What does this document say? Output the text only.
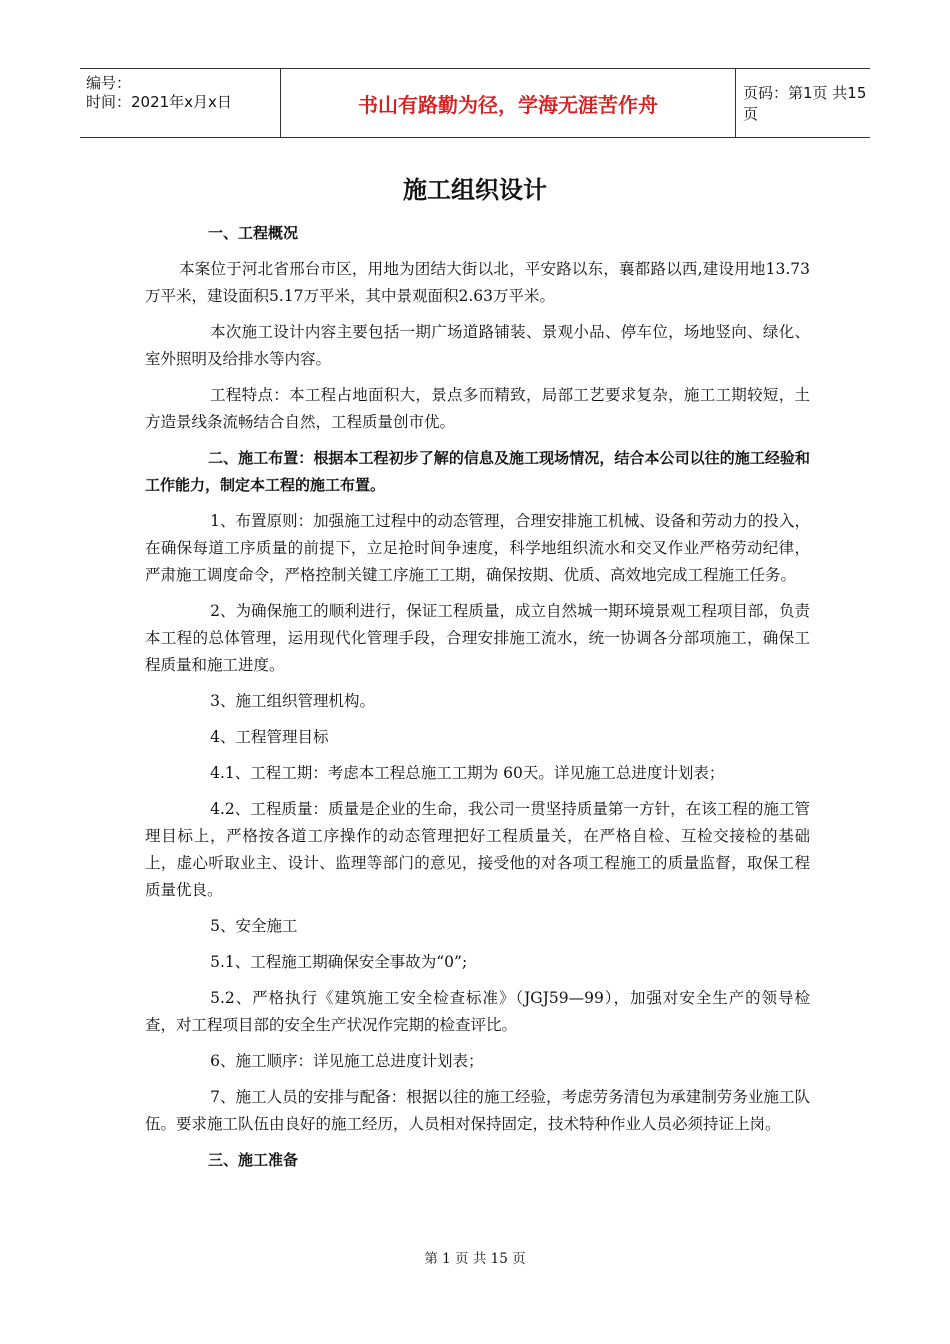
编号：
时间：2021年x月x日	书山有路勤为径，学海无涯苦作舟	页码：第1页 共15页
施工组织设计

一、工程概况

本案位于河北省邢台市区，用地为团结大街以北，平安路以东，襄都路以西,建设用地13.73万平米，建设面积5.17万平米，其中景观面积2.63万平米。

本次施工设计内容主要包括一期广场道路铺装、景观小品、停车位，场地竖向、绿化、室外照明及给排水等内容。

工程特点：本工程占地面积大，景点多而精致，局部工艺要求复杂，施工工期较短，土方造景线条流畅结合自然，工程质量创市优。

二、施工布置：根据本工程初步了解的信息及施工现场情况，结合本公司以往的施工经验和工作能力，制定本工程的施工布置。

1、布置原则：加强施工过程中的动态管理，合理安排施工机械、设备和劳动力的投入，在确保每道工序质量的前提下，立足抢时间争速度，科学地组织流水和交叉作业严格劳动纪律，严肃施工调度命令，严格控制关键工序施工工期，确保按期、优质、高效地完成工程施工任务。

2、为确保施工的顺利进行，保证工程质量，成立自然城一期环境景观工程项目部，负责本工程的总体管理，运用现代化管理手段，合理安排施工流水，统一协调各分部项施工，确保工程质量和施工进度。

3、施工组织管理机构。

4、工程管理目标

4.1、工程工期：考虑本工程总施工工期为 60天。详见施工总进度计划表；

4.2、工程质量：质量是企业的生命，我公司一贯坚持质量第一方针，在该工程的施工管理目标上，严格按各道工序操作的动态管理把好工程质量关，在严格自检、互检交接检的基础上，虚心听取业主、设计、监理等部门的意见，接受他的对各项工程施工的质量监督，取保工程质量优良。

5、安全施工

5.1、工程施工期确保安全事故为“0”;

5.2、严格执行《建筑施工安全检查标准》（JGJ59—99），加强对安全生产的领导检查，对工程项目部的安全生产状况作完期的检查评比。

6、施工顺序：详见施工总进度计划表；

7、施工人员的安排与配备：根据以往的施工经验，考虑劳务清包为承建制劳务业施工队伍。要求施工队伍由良好的施工经历，人员相对保持固定，技术特种作业人员必须持证上岗。

三、施工准备

第 1 页 共 15 页
